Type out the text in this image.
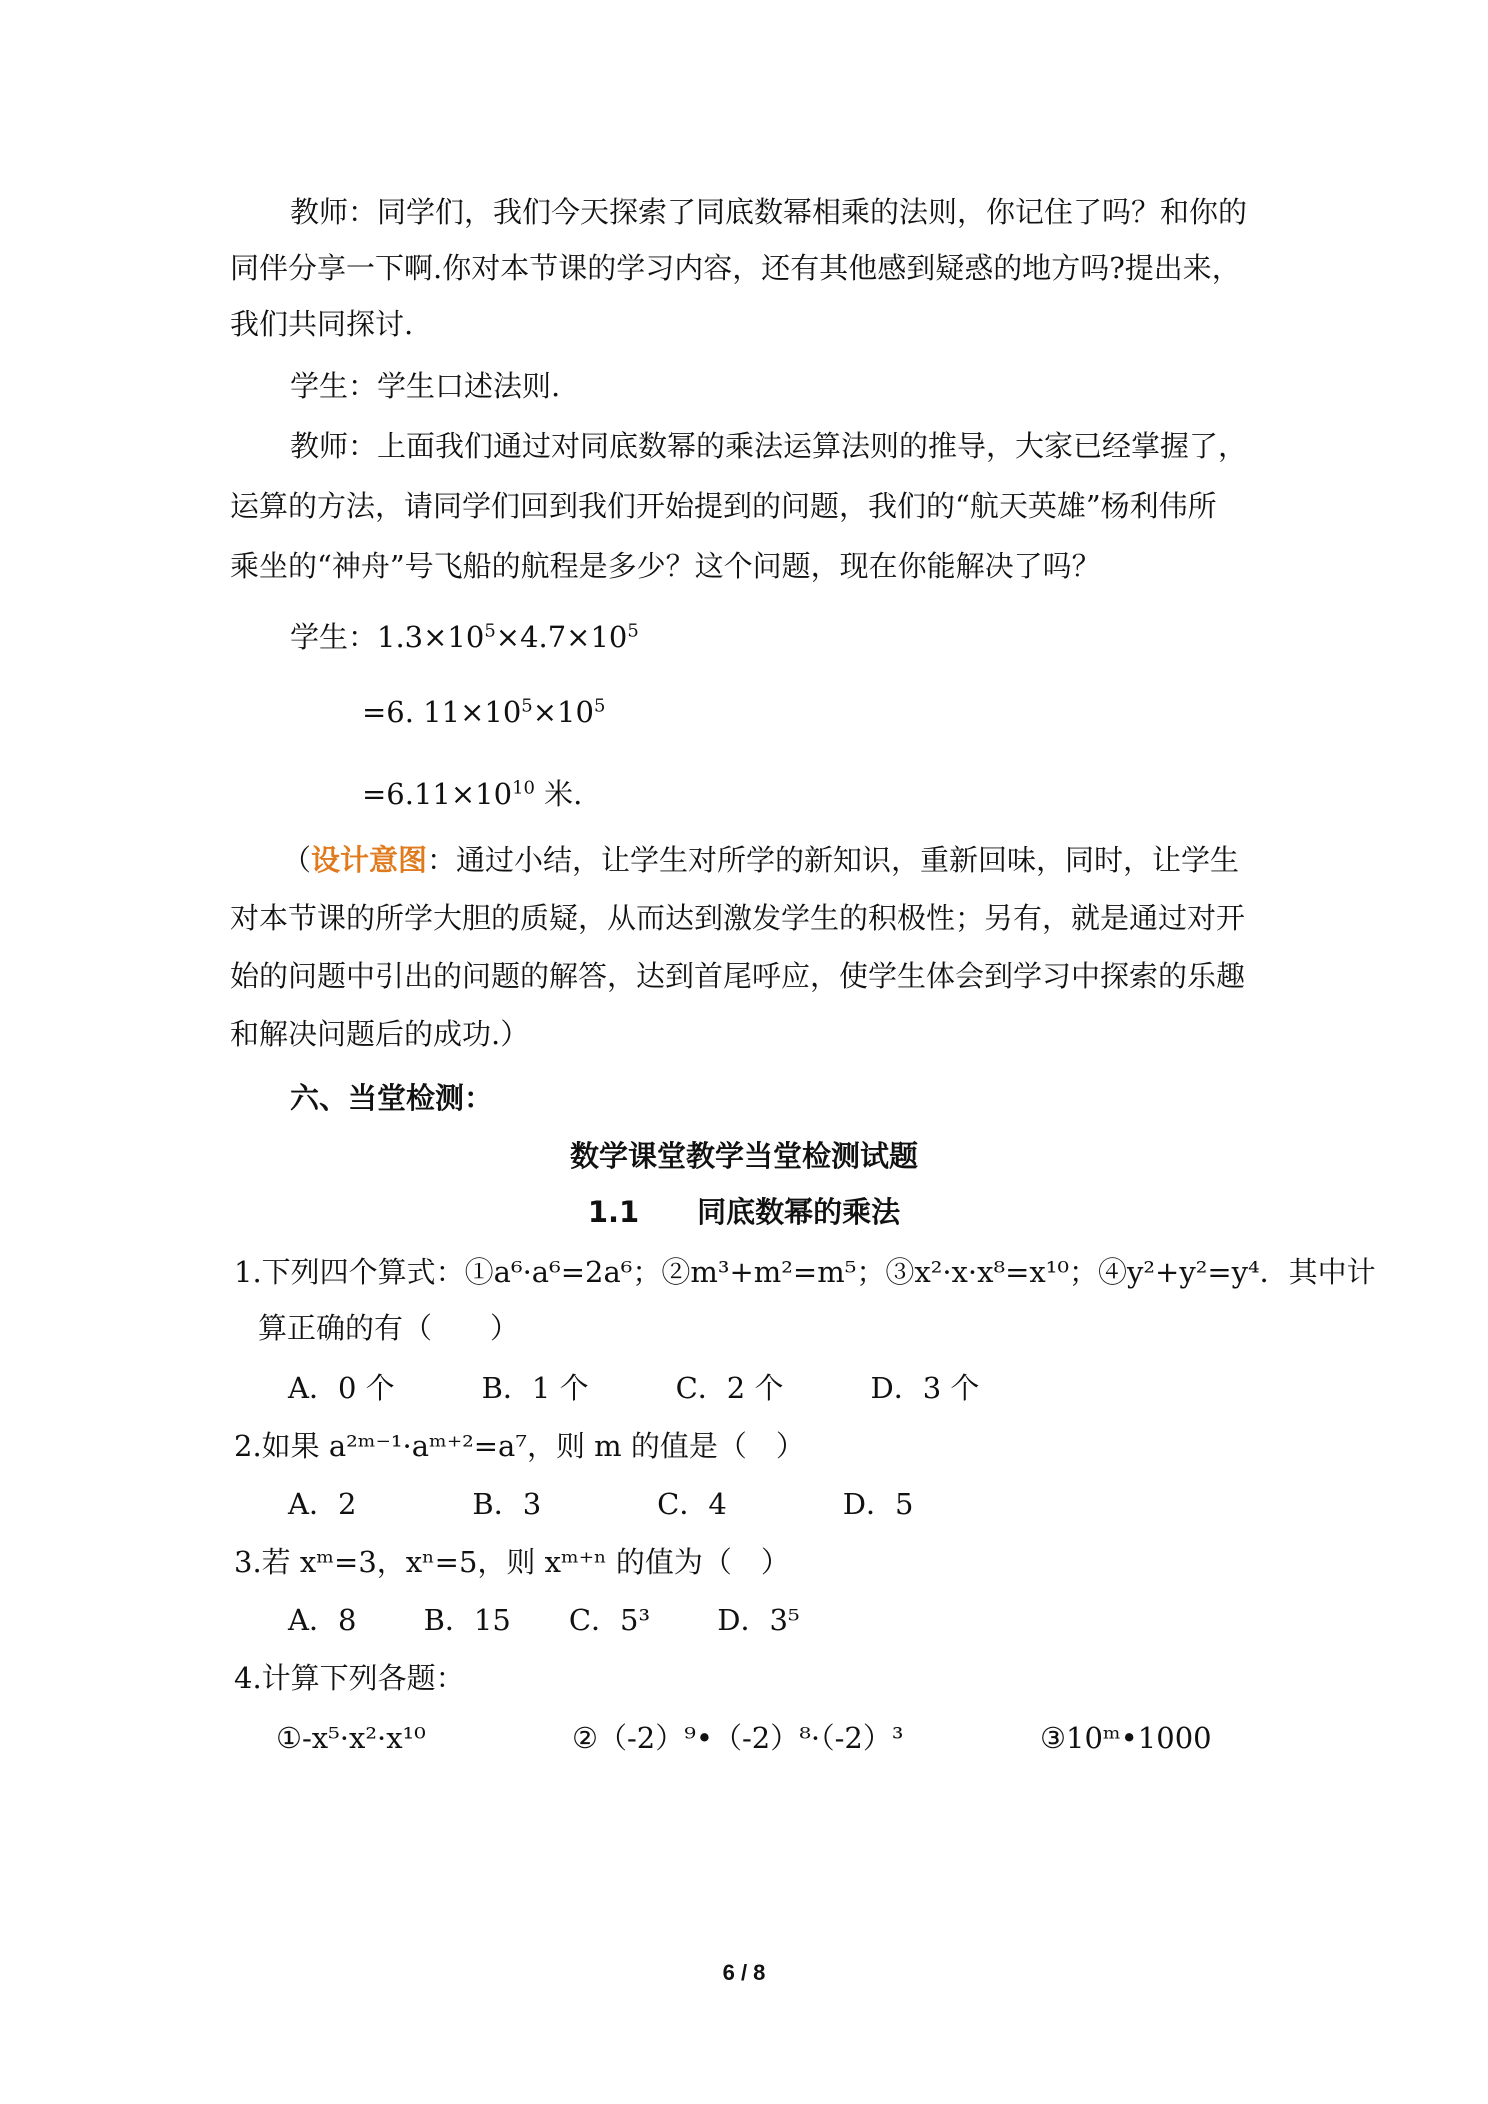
教师：同学们，我们今天探索了同底数幂相乘的法则，你记住了吗？和你的
同伴分享一下啊.你对本节课的学习内容，还有其他感到疑惑的地方吗?提出来，
我们共同探讨.
学生：学生口述法则.
教师：上面我们通过对同底数幂的乘法运算法则的推导，大家已经掌握了，
运算的方法，请同学们回到我们开始提到的问题，我们的“航天英雄”杨利伟所
乘坐的“神舟”号飞船的航程是多少？这个问题，现在你能解决了吗？
学生：$1.3\times 10^5\times 4.7\times 10^5$
=6. $11\times 10^5\times 10^5$
$=6.11\times 10^{10}$ 米.
（设计意图：通过小结，让学生对所学的新知识，重新回味，同时，让学生
对本节课的所学大胆的质疑，从而达到激发学生的积极性；另有，就是通过对开
始的问题中引出的问题的解答，达到首尾呼应，使学生体会到学习中探索的乐趣
和解决问题后的成功.）
六、当堂检测：
数学课堂教学当堂检测试题
1.1　　同底数幂的乘法
1.下列四个算式：①a⁶·a⁶=2a⁶；②m³+m²=m⁵；③x²·x·x⁸=x¹⁰；④y²+y²=y⁴．其中计
算正确的有（　　）
A．0 个　　　B．1 个　　　C．2 个　　　D．3 个
2.如果 a²ᵐ⁻¹·aᵐ⁺²=a⁷，则 m 的值是（　）
A．2　　　　B．3　　　　C．4　　　　D．5
3.若 xᵐ=3，xⁿ=5，则 xᵐ⁺ⁿ 的值为（　）
A．8　　 B．15　　C．5³　　 D．3⁵
4.计算下列各题：
①-x⁵·x²·x¹⁰	②（-2）⁹•（-2）⁸·（-2）³	③10ᵐ•1000
6 / 8
